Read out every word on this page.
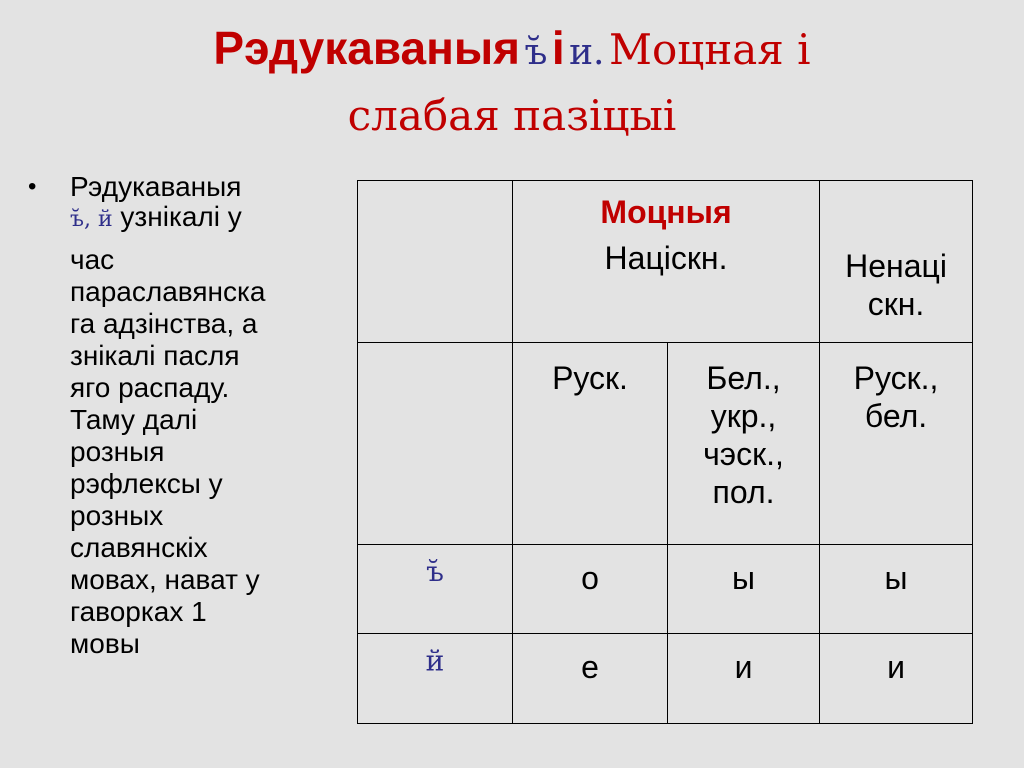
Рэдукаваныя ъ̆ і и. Моцная і
слабая пазіцыі
• Рэдукаваныя
ъ̆, й узнікалі у
час
параславянска
га адзінства, а
знікалі пасля
яго распаду.
Таму далі
розныя
рэфлексы у
розных
славянскіх
мовах, нават у
гаворках 1
мовы

	Моцныя
Націскн.		Ненаці
скн.

	Руск.	Бел.,
укр.,
чэск.,
пол.	Руск.,
бел.

ъ̆	о	ы	ы
й	е	и	и
